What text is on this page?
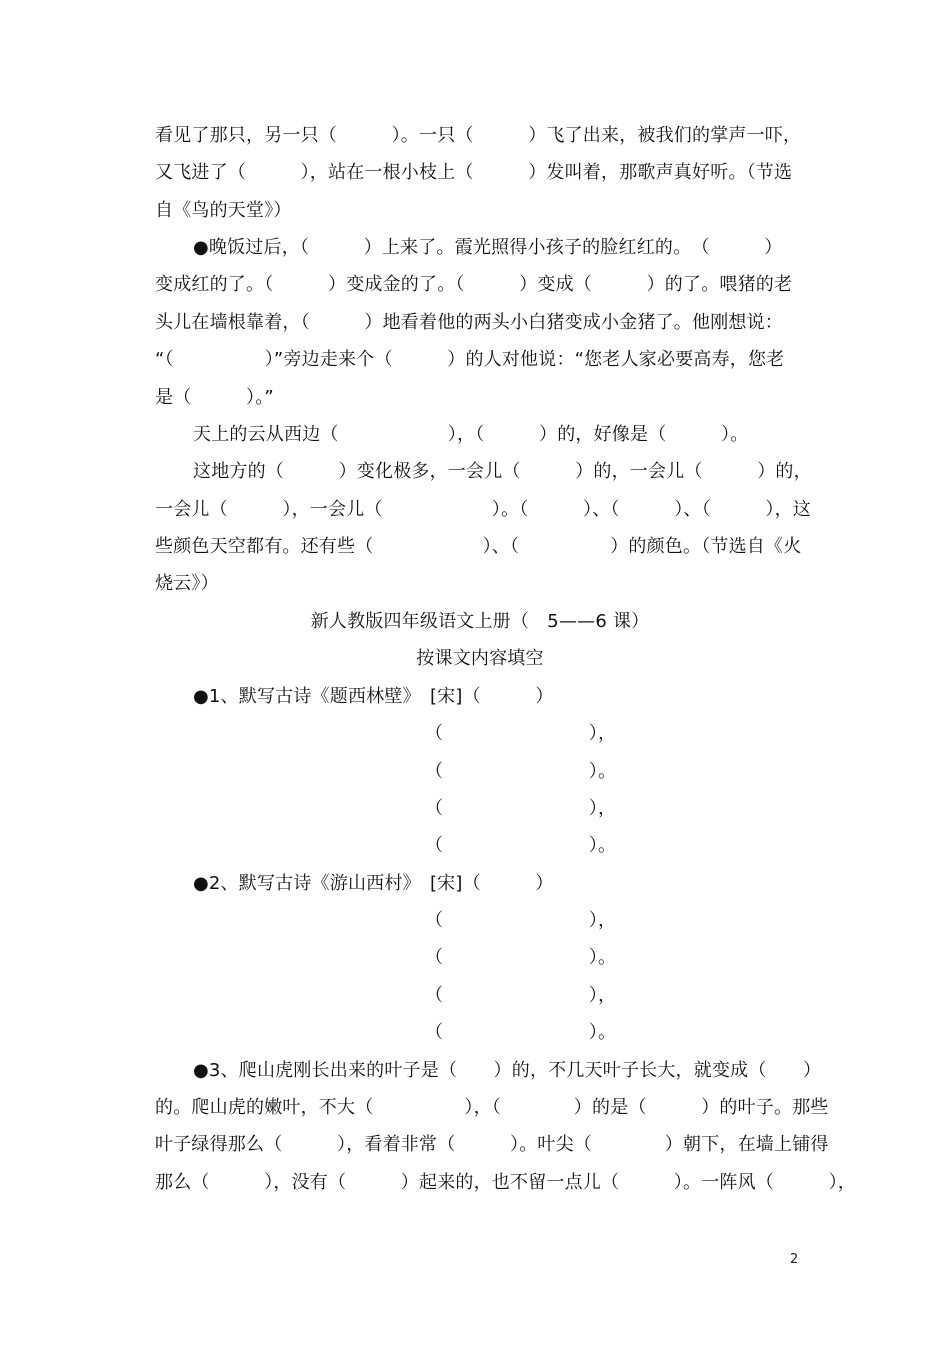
看见了那只，另一只（　　　）。一只（　　　）飞了出来，被我们的掌声一吓，

又飞进了（　　　），站在一根小枝上（　　　）发叫着，那歌声真好听。（节选

自《鸟的天堂》）

●晚饭过后，（　　　）上来了。霞光照得小孩子的脸红红的。　（　　　）

变成红的了。（　　　）变成金的了。（　　　）变成（　　　）的了。喂猪的老

头儿在墙根靠着，（　　　）地看着他的两头小白猪变成小金猪了。他刚想说：

“（　　　　　）”旁边走来个（　　　）的人对他说：“您老人家必要高寿，您老

是（　　　）。”

天上的云从西边（　　　　　　），（　　　）的，好像是（　　　）。

这地方的（　　　）变化极多，一会儿（　　　）的，一会儿（　　　）的，

一会儿（　　　），一会儿（　　　　　　）。（　　　）、（　　　）、（　　　），这

些颜色天空都有。还有些（　　　　　　）、（　　　　　）的颜色。（节选自《火

烧云》）

新人教版四年级语文上册（　5——6 课）

按课文内容填空

●1、默写古诗《题西林壁》　[宋]（　　　）

（　　　　　　　　），

（　　　　　　　　）。

（　　　　　　　　），

（　　　　　　　　）。

●2、默写古诗《游山西村》　[宋]（　　　）

（　　　　　　　　），

（　　　　　　　　）。

（　　　　　　　　），

（　　　　　　　　）。

●3、爬山虎刚长出来的叶子是（　　）的，不几天叶子长大，就变成（　　）

的。爬山虎的嫩叶，不大（　　　　　），（　　　　）的是（　　　）的叶子。那些

叶子绿得那么（　　　），看着非常（　　　）。叶尖（　　　　）朝下，在墙上铺得

那么（　　　），没有（　　　）起来的，也不留一点儿（　　　）。一阵风（　　　），

2
